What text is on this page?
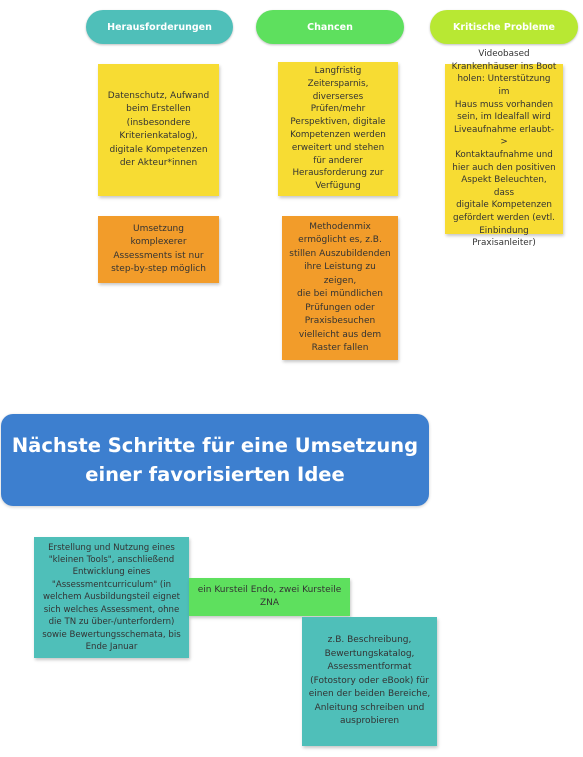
Herausforderungen	Chancen	Kritische Probleme
Datenschutz, Aufwand
beim Erstellen
(insbesondere
Kriterienkatalog),
digitale Kompetenzen
der Akteur*innen
Umsetzung komplexerer
Assessments ist nur
step-by-step möglich
Langfristig
Zeitersparnis,
diverserses
Prüfen/mehr
Perspektiven, digitale
Kompetenzen werden
erweitert und stehen
für anderer
Herausforderung zur
Verfügung
Methodenmix
ermöglicht es, z.B.
stillen Auszubildenden
ihre Leistung zu zeigen,
die bei mündlichen
Prüfungen oder
Praxisbesuchen
vielleicht aus dem
Raster fallen
Videobased
Krankenhäuser ins Boot
holen: Unterstützung im
Haus muss vorhanden
sein, im Idealfall wird
Liveaufnahme erlaubt->
Kontaktaufnahme und
hier auch den positiven
Aspekt Beleuchten, dass
digitale Kompetenzen
gefördert werden (evtl.
Einbindung
Praxisanleiter)
Nächste Schritte für eine Umsetzung
einer favorisierten Idee
Erstellung und Nutzung eines
"kleinen Tools", anschließend
Entwicklung eines
"Assessmentcurriculum" (in
welchem Ausbildungsteil eignet
sich welches Assessment, ohne
die TN zu über-/unterfordern)
sowie Bewertungsschemata, bis
Ende Januar
ein Kursteil Endo, zwei Kursteile
ZNA
z.B. Beschreibung,
Bewertungskatalog,
Assessmentformat
(Fotostory oder eBook) für
einen der beiden Bereiche,
Anleitung schreiben und
ausprobieren
